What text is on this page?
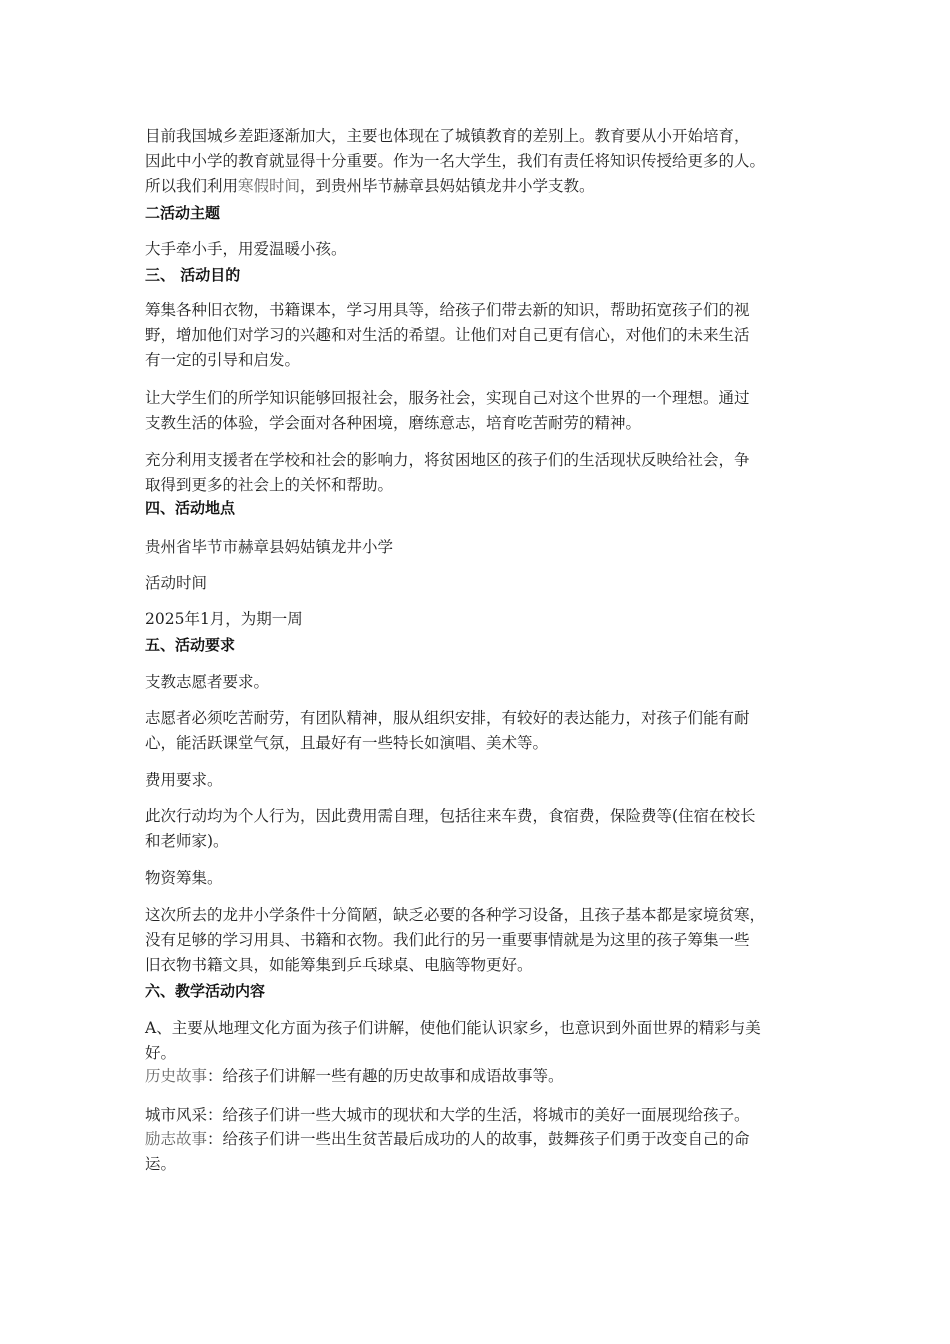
目前我国城乡差距逐渐加大，主要也体现在了城镇教育的差别上。教育要从小开始培育，
因此中小学的教育就显得十分重要。作为一名大学生，我们有责任将知识传授给更多的人。
所以我们利用寒假时间，到贵州毕节赫章县妈姑镇龙井小学支教。

二活动主题

大手牵小手，用爱温暖小孩。

三、 活动目的

筹集各种旧衣物，书籍课本，学习用具等，给孩子们带去新的知识，帮助拓宽孩子们的视
野，增加他们对学习的兴趣和对生活的希望。让他们对自己更有信心，对他们的未来生活
有一定的引导和启发。

让大学生们的所学知识能够回报社会，服务社会，实现自己对这个世界的一个理想。通过
支教生活的体验，学会面对各种困境，磨练意志，培育吃苦耐劳的精神。

充分利用支援者在学校和社会的影响力，将贫困地区的孩子们的生活现状反映给社会，争
取得到更多的社会上的关怀和帮助。

四、活动地点

贵州省毕节市赫章县妈姑镇龙井小学

活动时间

2025年1月，为期一周

五、活动要求

支教志愿者要求。

志愿者必须吃苦耐劳，有团队精神，服从组织安排，有较好的表达能力，对孩子们能有耐
心，能活跃课堂气氛，且最好有一些特长如演唱、美术等。

费用要求。

此次行动均为个人行为，因此费用需自理，包括往来车费，食宿费，保险费等(住宿在校长
和老师家)。

物资筹集。

这次所去的龙井小学条件十分简陋，缺乏必要的各种学习设备，且孩子基本都是家境贫寒，
没有足够的学习用具、书籍和衣物。我们此行的另一重要事情就是为这里的孩子筹集一些
旧衣物书籍文具，如能筹集到乒乓球桌、电脑等物更好。

六、教学活动内容

A、主要从地理文化方面为孩子们讲解，使他们能认识家乡，也意识到外面世界的精彩与美
好。

历史故事：给孩子们讲解一些有趣的历史故事和成语故事等。

城市风采：给孩子们讲一些大城市的现状和大学的生活，将城市的美好一面展现给孩子。

励志故事：给孩子们讲一些出生贫苦最后成功的人的故事，鼓舞孩子们勇于改变自己的命
运。
